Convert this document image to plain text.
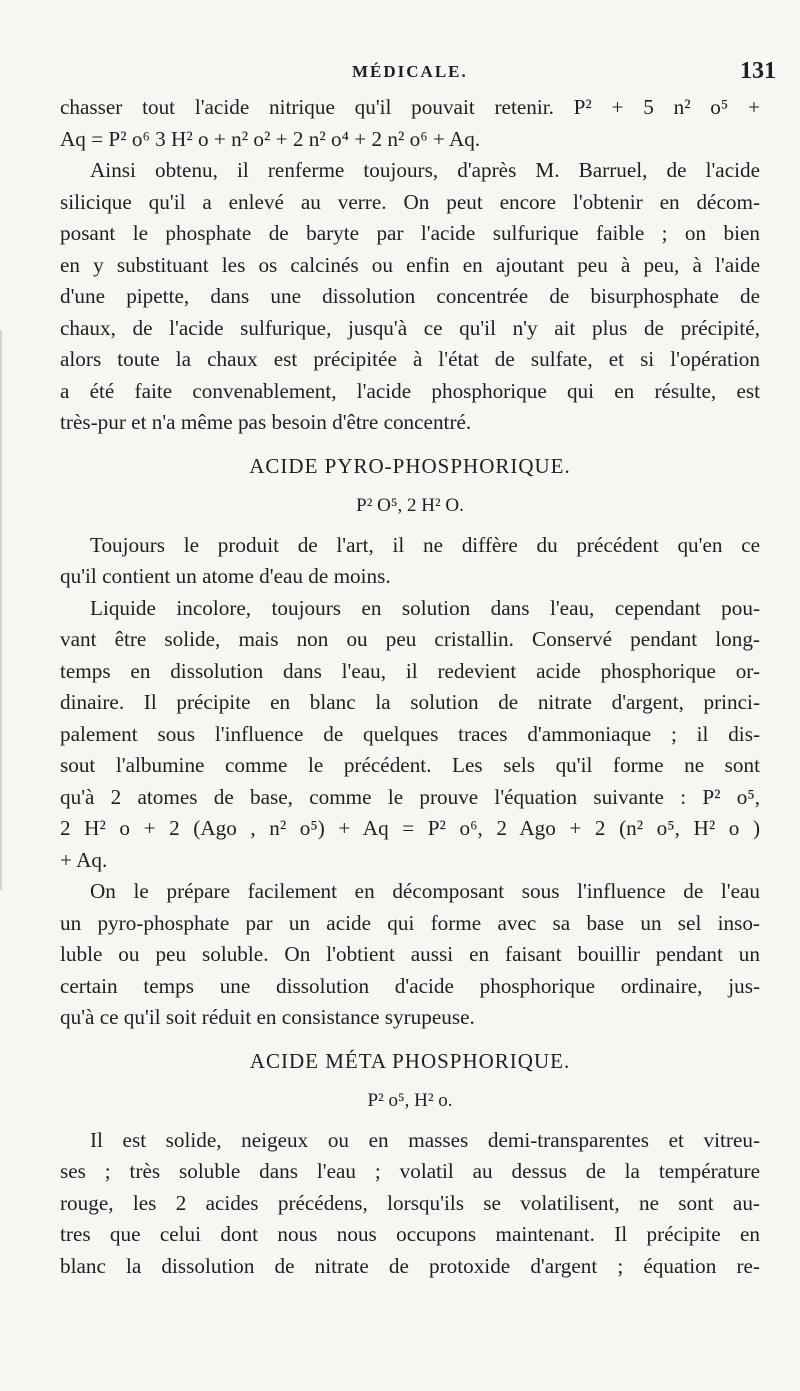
MÉDICALE.	131

chasser tout l'acide nitrique qu'il pouvait retenir. P² + 5 n² o⁵ +
Aq = P² o⁶ 3 H² o + n² o² + 2 n² o⁴ + 2 n² o⁶ + Aq.

Ainsi obtenu, il renferme toujours, d'après M. Barruel, de l'acide
silicique qu'il a enlevé au verre. On peut encore l'obtenir en décom-
posant le phosphate de baryte par l'acide sulfurique faible ; on bien
en y substituant les os calcinés ou enfin en ajoutant peu à peu, à l'aide
d'une pipette, dans une dissolution concentrée de bisurphosphate de
chaux, de l'acide sulfurique, jusqu'à ce qu'il n'y ait plus de précipité,
alors toute la chaux est précipitée à l'état de sulfate, et si l'opération
a été faite convenablement, l'acide phosphorique qui en résulte, est
très-pur et n'a même pas besoin d'être concentré.

ACIDE PYRO-PHOSPHORIQUE.
P² O⁵, 2 H² O.

Toujours le produit de l'art, il ne diffère du précédent qu'en ce
qu'il contient un atome d'eau de moins.

Liquide incolore, toujours en solution dans l'eau, cependant pou-
vant être solide, mais non ou peu cristallin. Conservé pendant long-
temps en dissolution dans l'eau, il redevient acide phosphorique or-
dinaire. Il précipite en blanc la solution de nitrate d'argent, princi-
palement sous l'influence de quelques traces d'ammoniaque ; il dis-
sout l'albumine comme le précédent. Les sels qu'il forme ne sont
qu'à 2 atomes de base, comme le prouve l'équation suivante : P² o⁵,
2 H² o + 2 (Ago , n² o⁵) + Aq = P² o⁶, 2 Ago + 2 (n² o⁵, H² o )
+ Aq.

On le prépare facilement en décomposant sous l'influence de l'eau
un pyro-phosphate par un acide qui forme avec sa base un sel inso-
luble ou peu soluble. On l'obtient aussi en faisant bouillir pendant un
certain temps une dissolution d'acide phosphorique ordinaire, jus-
qu'à ce qu'il soit réduit en consistance syrupeuse.

ACIDE MÉTA PHOSPHORIQUE.
P² o⁵, H² o.

Il est solide, neigeux ou en masses demi-transparentes et vitreu-
ses ; très soluble dans l'eau ; volatil au dessus de la température
rouge, les 2 acides précédens, lorsqu'ils se volatilisent, ne sont au-
tres que celui dont nous nous occupons maintenant. Il précipite en
blanc la dissolution de nitrate de protoxide d'argent ; équation re-
